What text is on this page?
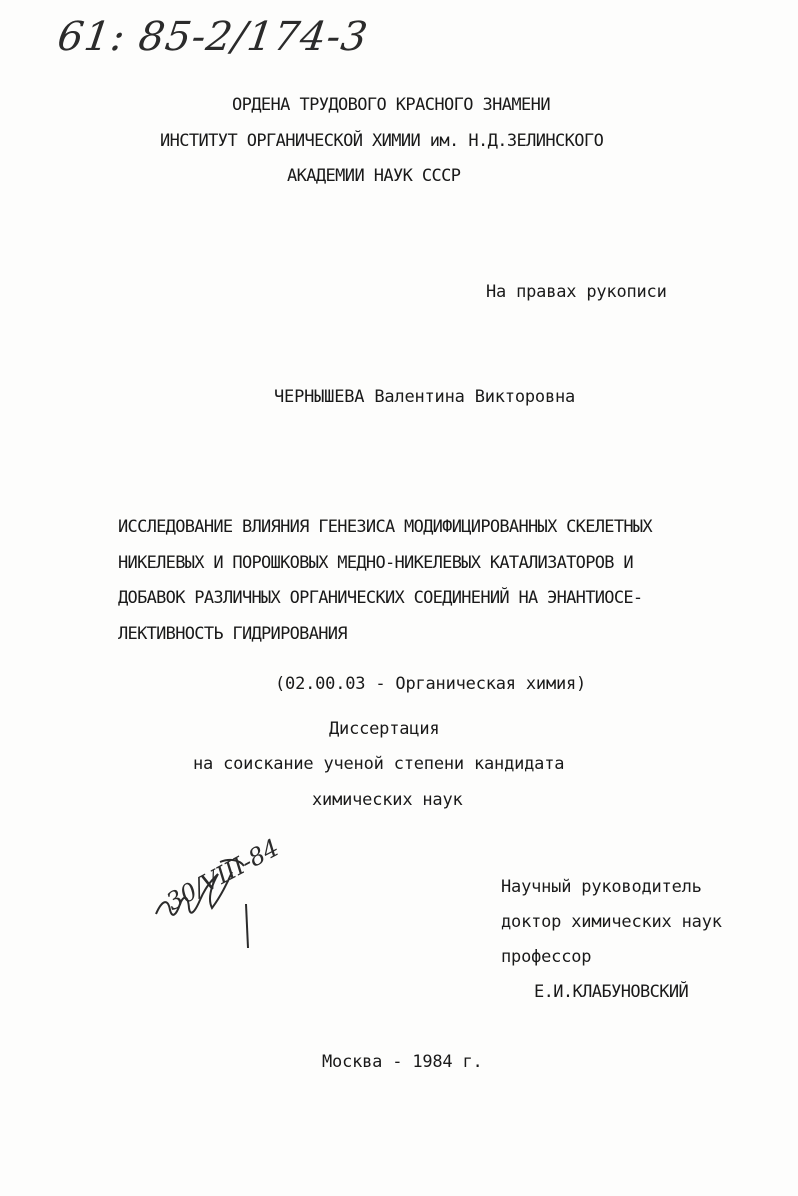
61: 85-2/174-3
ОРДЕНА ТРУДОВОГО КРАСНОГО ЗНАМЕНИ
ИНСТИТУТ ОРГАНИЧЕСКОЙ ХИМИИ им. Н.Д.ЗЕЛИНСКОГО
АКАДЕМИИ НАУК СССР
На правах рукописи
ЧЕРНЫШЕВА Валентина Викторовна
ИССЛЕДОВАНИЕ ВЛИЯНИЯ ГЕНЕЗИСА МОДИФИЦИРОВАННЫХ СКЕЛЕТНЫХ
НИКЕЛЕВЫХ И ПОРОШКОВЫХ МЕДНО-НИКЕЛЕВЫХ КАТАЛИЗАТОРОВ И
ДОБАВОК РАЗЛИЧНЫХ ОРГАНИЧЕСКИХ СОЕДИНЕНИЙ НА ЭНАНТИОСЕ-
ЛЕКТИВНОСТЬ ГИДРИРОВАНИЯ
(02.00.03 - Органическая химия)
Диссертация
на соискание ученой степени кандидата
химических наук
30/VIII-84	Научный руководитель
доктор химических наук
профессор
Е.И.КЛАБУНОВСКИЙ
Москва - 1984 г.
